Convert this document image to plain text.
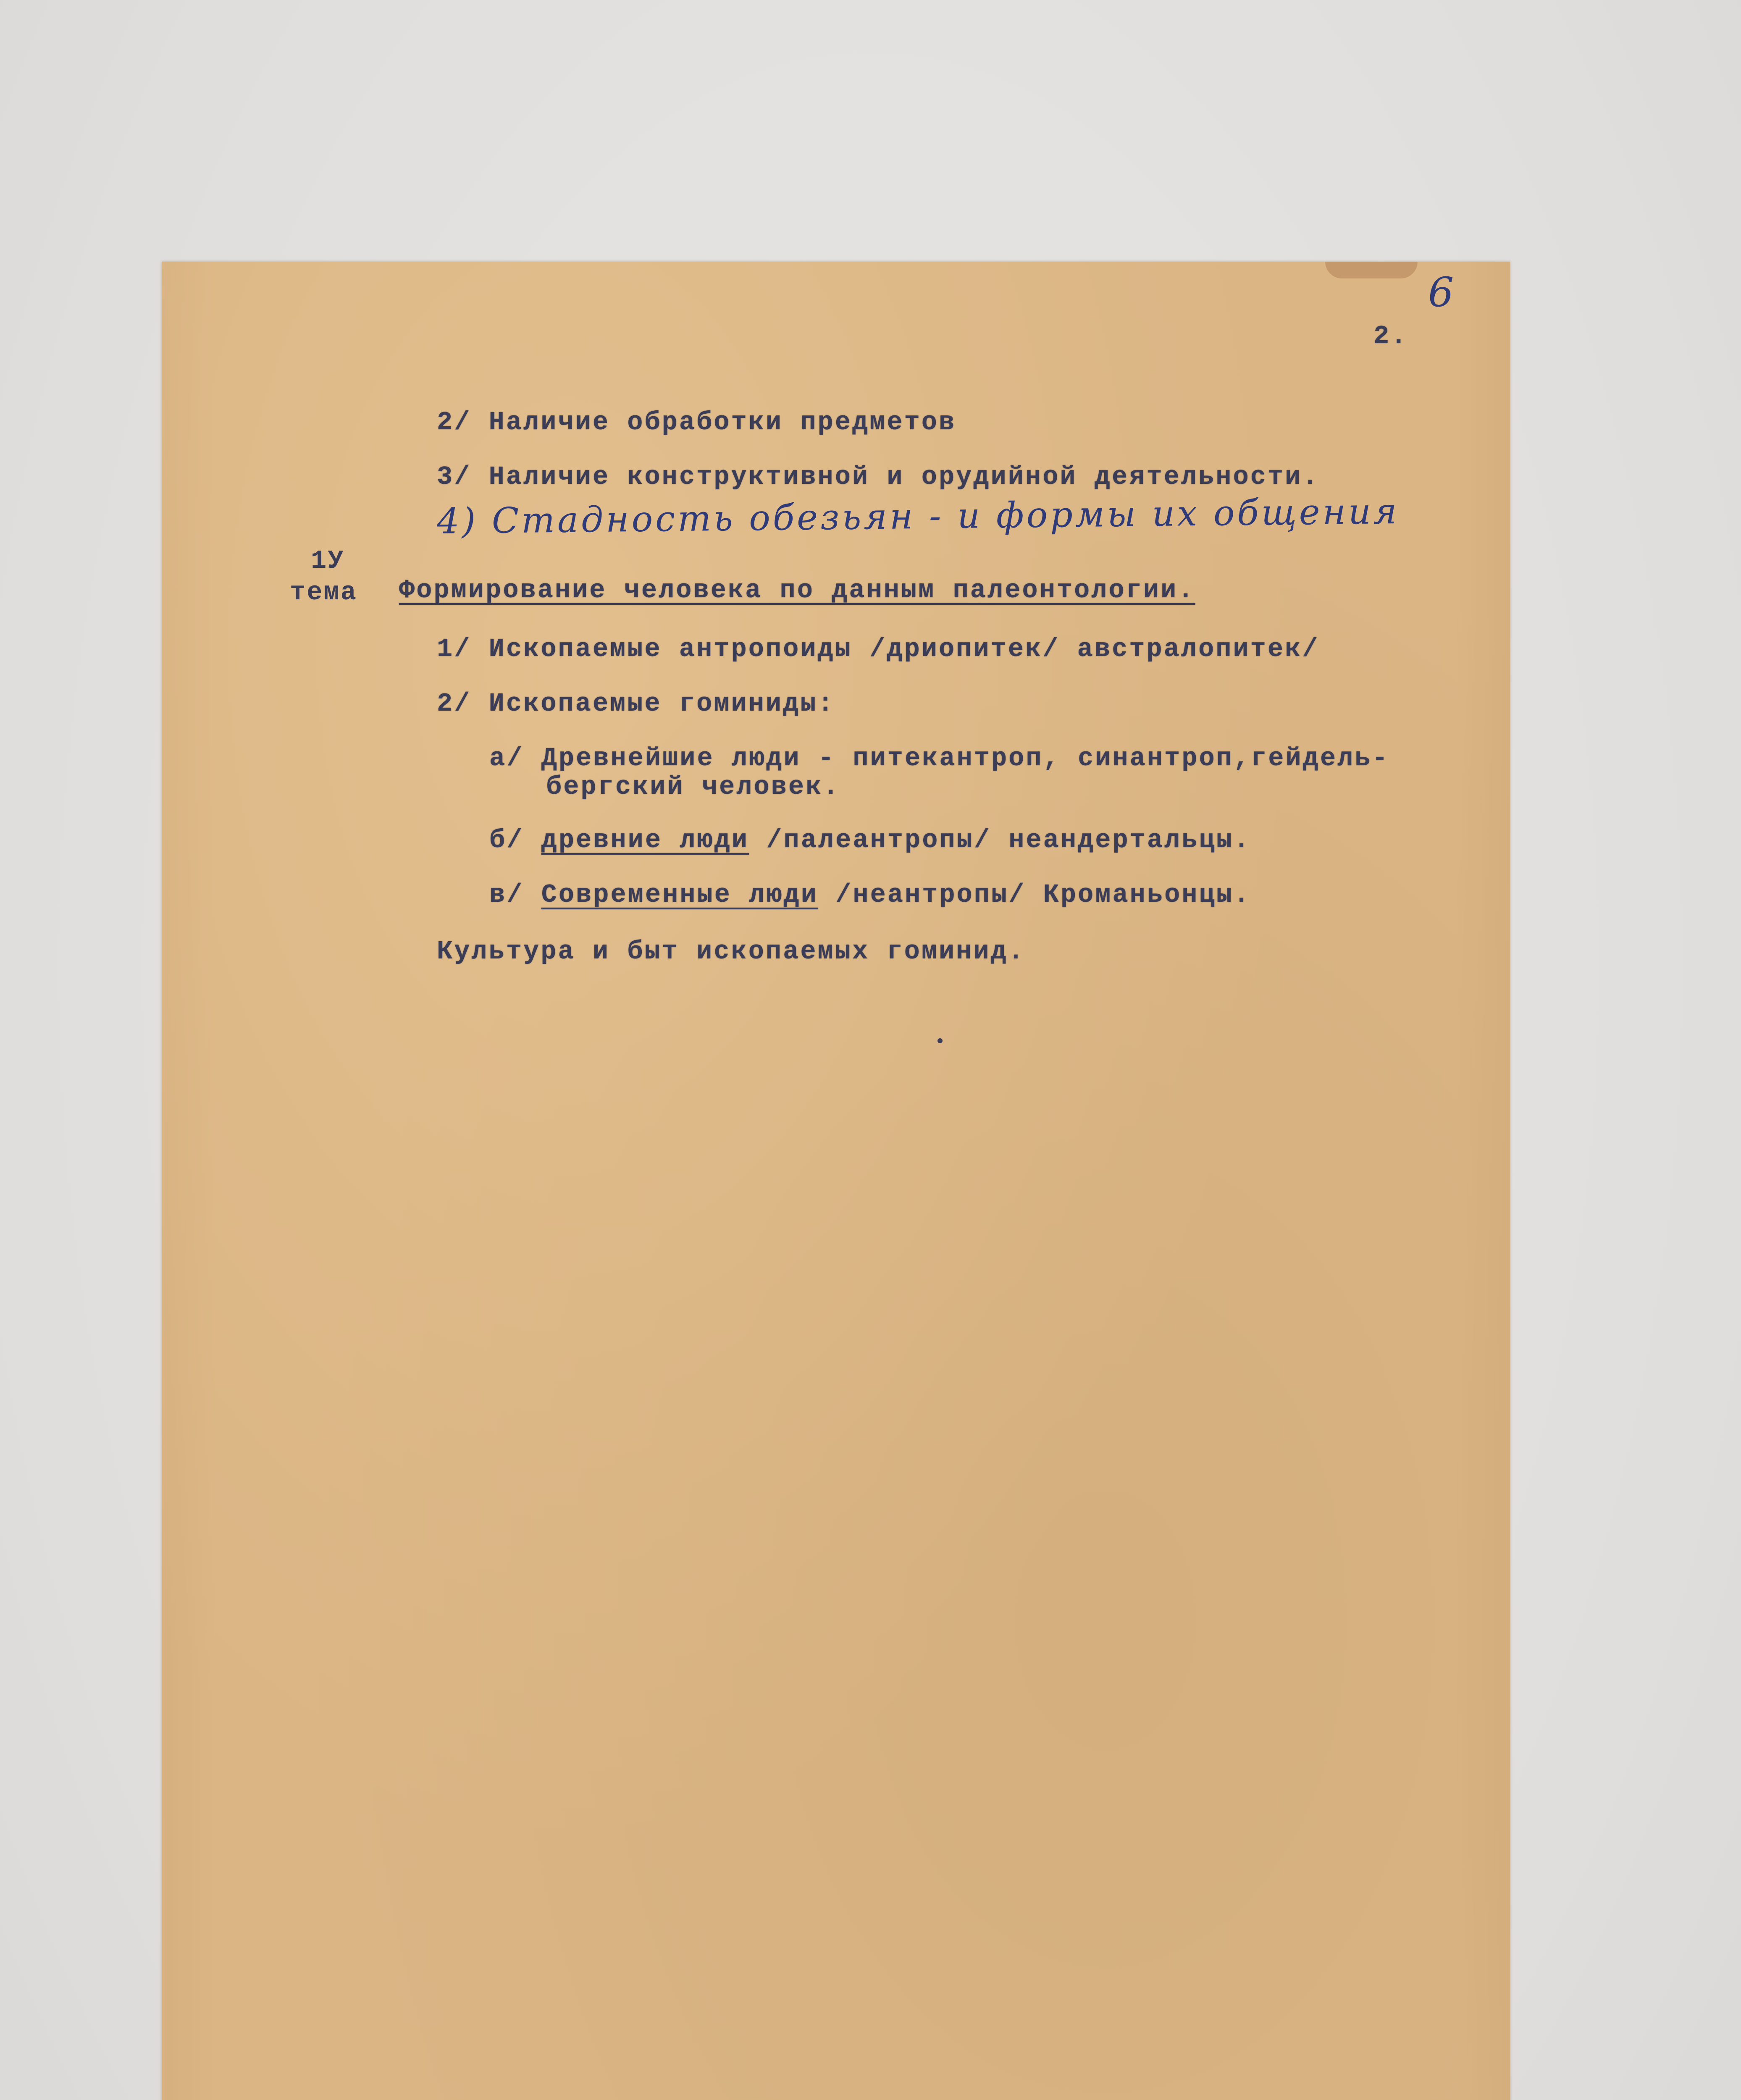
6
2.
2/ Наличие обработки предметов
3/ Наличие конструктивной и орудийной деятельности.
4) Стадность обезьян - и формы их общения
1У
тема Формирование человека по данным палеонтологии.
1/ Ископаемые антропоиды /дриопитек/ австралопитек/
2/ Ископаемые гоминиды:
а/ Древнейшие люди - питекантроп, синантроп,гейдель-
бергский человек.
б/ древние люди /палеантропы/ неандертальцы.
в/ Современные люди /неантропы/ Кроманьонцы.
Культура и быт ископаемых гоминид.
